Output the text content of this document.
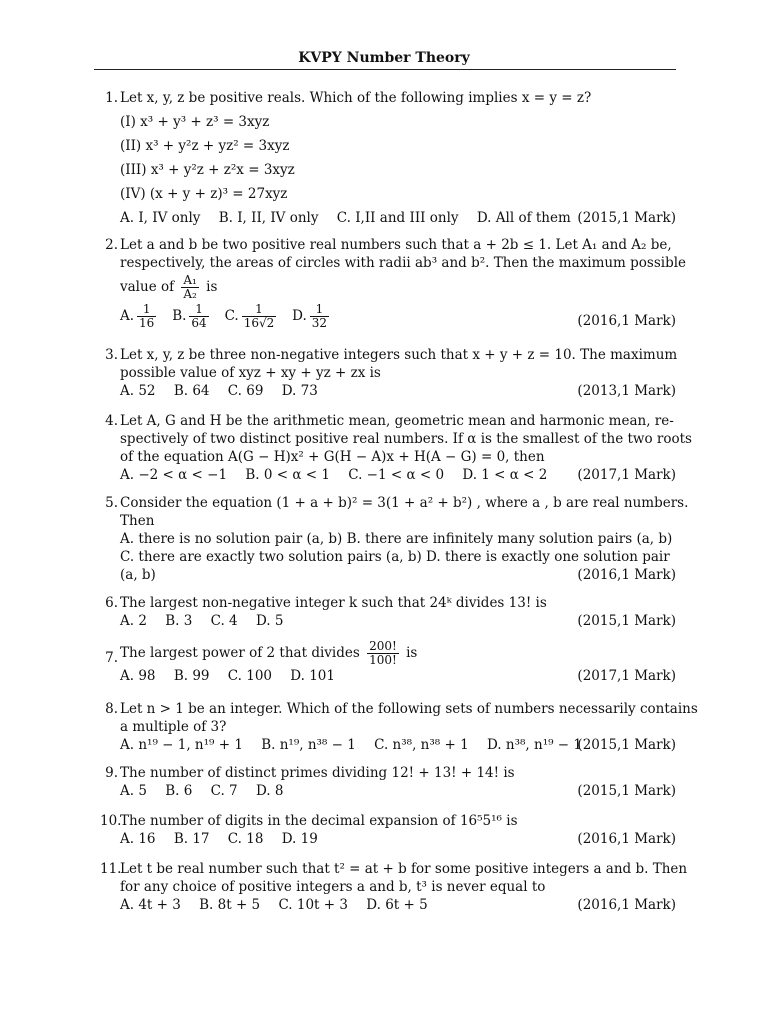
KVPY Number Theory
1. Let x, y, z be positive reals. Which of the following implies x = y = z?
(I) x³ + y³ + z³ = 3xyz
(II) x³ + y²z + yz² = 3xyz
(III) x³ + y²z + z²x = 3xyz
(IV) (x + y + z)³ = 27xyz
A. I, IV only B. I, II, IV only C. I,II and III only D. All of them (2015,1 Mark)
2. Let a and b be two positive real numbers such that a + 2b ≤ 1. Let A₁ and A₂ be,
respectively, the areas of circles with radii ab³ and b². Then the maximum possible
value of $\frac{\text{A₁}}{\text{A₂}}$ is
A. $\frac{1}{16} B$. $\frac{1}{64} C$. $\frac{1}{16√2} D$. $\frac{1}{32}$	(2016,1 Mark)
3. Let x, y, z be three non-negative integers such that x + y + z = 10. The maximum
possible value of xyz + xy + yz + zx is
A. 52 B. 64 C. 69 D. 73	(2013,1 Mark)
4. Let A, G and H be the arithmetic mean, geometric mean and harmonic mean, re-
spectively of two distinct positive real numbers. If α is the smallest of the two roots
of the equation A(G − H)x² + G(H − A)x + H(A − G) = 0, then
A. −2 < α < −1 B. 0 < α < 1 C. −1 < α < 0 D. 1 < α < 2 (2017,1 Mark)
5. Consider the equation (1 + a + b)² = 3(1 + a² + b²) , where a , b are real numbers.
Then
A. there is no solution pair (a, b) B. there are infinitely many solution pairs (a, b)
C. there are exactly two solution pairs (a, b) D. there is exactly one solution pair
(a, b)	(2016,1 Mark)
6. The largest non-negative integer k such that 24ᵏ divides 13! is
A. 2 B. 3 C. 4 D. 5	(2015,1 Mark)
7. The largest power of 2 that divides $\frac{200!}{100!}$ is
A. 98 B. 99 C. 100 D. 101	(2017,1 Mark)
8. Let n > 1 be an integer. Which of the following sets of numbers necessarily contains
a multiple of 3?
A. n¹⁹ − 1, n¹⁹ + 1 B. n¹⁹, n³⁸ − 1 C. n³⁸, n³⁸ + 1 D. n³⁸, n¹⁹ − 1
(2015,1 Mark)
9. The number of distinct primes dividing 12! + 13! + 14! is
A. 5 B. 6 C. 7 D. 8	(2015,1 Mark)
10.
The number of digits in the decimal expansion of 16⁵5¹⁶ is
A. 16 B. 17 C. 18 D. 19	(2016,1 Mark)
11.
Let t be real number such that t² = at + b for some positive integers a and b. Then
for any choice of positive integers a and b, t³ is never equal to
A. 4t + 3 B. 8t + 5 C. 10t + 3 D. 6t + 5	(2016,1 Mark)
